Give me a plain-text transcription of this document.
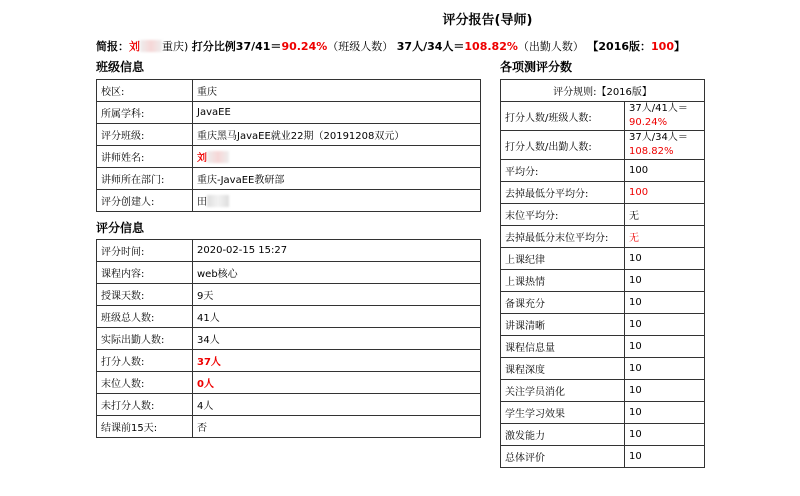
评分报告(导师)
简报：刘 重庆) 打分比例37/41＝90.24%（班级人数） 37人/34人＝108.82%（出勤人数） 【2016版：100】
班级信息
校区:	重庆
所属学科:	JavaEE
评分班级:	重庆黑马JavaEE就业22期（20191208双元）
讲师姓名:	刘
讲师所在部门:	重庆-JavaEE教研部
评分创建人:	田
评分信息
评分时间:	2020-02-15 15:27
课程内容:	web核心
授课天数:	9天
班级总人数:	41人
实际出勤人数:	34人
打分人数:	37人
末位人数:	0人
未打分人数:	4人
结课前15天:	否
各项测评分数
评分规则:【2016版】	
打分人数/班级人数:	37人/41人＝90.24%
打分人数/出勤人数:	37人/34人＝108.82%
平均分:	100
去掉最低分平均分:	100
末位平均分:	无
去掉最低分末位平均分:	无
上课纪律	10
上课热情	10
备课充分	10
讲课清晰	10
课程信息量	10
课程深度	10
关注学员消化	10
学生学习效果	10
激发能力	10
总体评价	10
